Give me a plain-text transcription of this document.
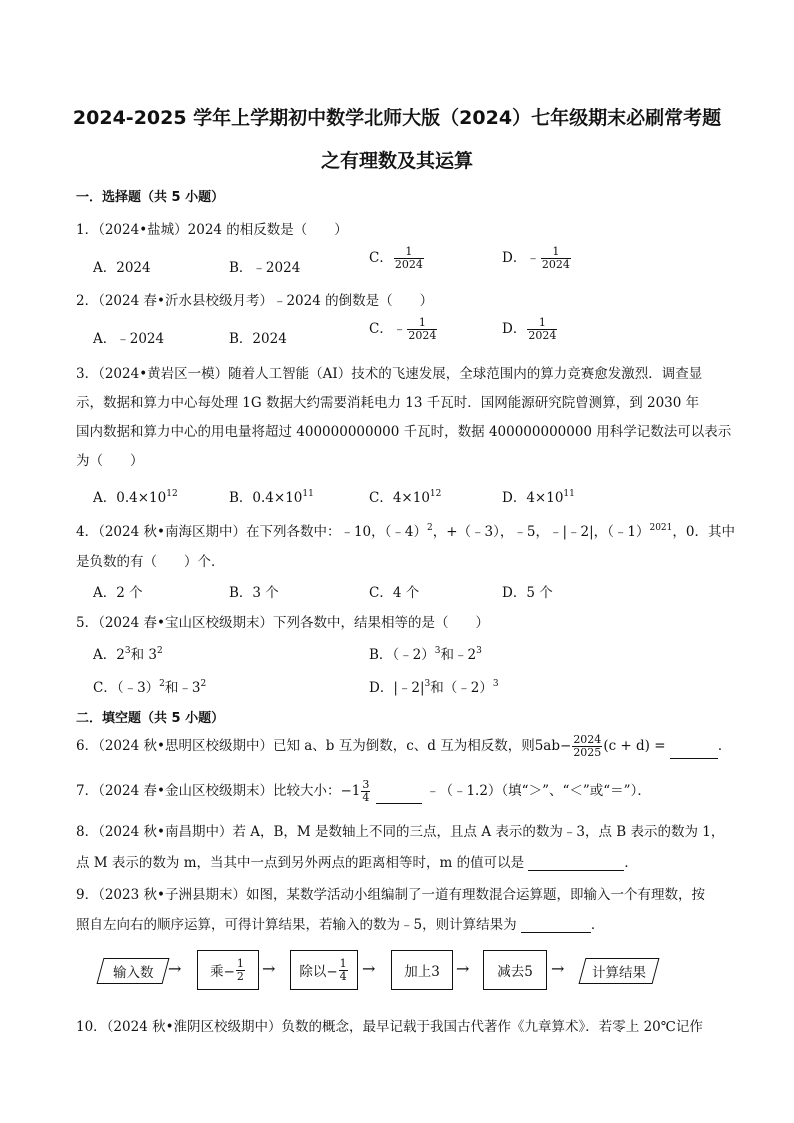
2024-2025 学年上学期初中数学北师大版（2024）七年级期末必刷常考题
之有理数及其运算
一．选择题（共 5 小题）
1．（2024•盐城）2024 的相反数是（　　）
A．2024	B．﹣2024
C． $\frac{1}{2024}$	D．﹣ $\frac{1}{2024}$
2．（2024 春•沂水县校级月考）﹣2024 的倒数是（　　）
A．﹣2024	B．2024
C．﹣ $\frac{1}{2024}$	D． $\frac{1}{2024}$
3．（2024•黄岩区一模）随着人工智能（AI）技术的飞速发展，全球范围内的算力竞赛愈发激烈．调查显
示，数据和算力中心每处理 1G 数据大约需要消耗电力 13 千瓦时．国网能源研究院曾测算，到 2030 年
国内数据和算力中心的用电量将超过 400000000000 千瓦时，数据 400000000000 用科学记数法可以表示
为（　　）
A．$0.4\times 10^{12}$	B．$0.4\times 10^{11}$	C．$4\times 10^{12}$	D．$4\times 10^{11}$
4．（2024 秋•南海区期中）在下列各数中：﹣10，（﹣4）$^2$，+（﹣3），﹣5，﹣|﹣2|，（﹣1）$^{2021}$，0．其中
是负数的有（　　）个．
A．2 个	B．3 个	C．4 个	D．5 个
5．（2024 春•宝山区校级期末）下列各数中，结果相等的是（　　）
A．$2^3$和 $3^2$	B．（﹣2）$^3$和$﹣2^3$
C．（﹣3）$^2$和$﹣3^2$	D．$|﹣2|^3$和（﹣2）$^3$
二．填空题（共 5 小题）
6．（2024 秋•思明区校级期中）已知 a、b 互为倒数，c、d 互为相反数，则$5ab- \frac{2024}{2025} (c + d)$ =	．
7．（2024 春•金山区校级期末）比较大小：$-1 \frac{3}{4}$	﹣（﹣1.2）（填“＞”、“＜”或“＝”）．
8．（2024 秋•南昌期中）若 A，B，M 是数轴上不同的三点，且点 A 表示的数为﹣3，点 B 表示的数为 1，
点 M 表示的数为 m，当其中一点到另外两点的距离相等时，m 的值可以是	．
9．（2023 秋•子洲县期末）如图，某数学活动小组编制了一道有理数混合运算题，即输入一个有理数，按
照自左向右的顺序运算，可得计算结果，若输入的数为﹣5，则计算结果为	．
输入数 → 乘− $\frac{1}{2}$ → 除以− $\frac{1}{4}$ →	加上3	→	减去5	→ 计算结果
10．（2024 秋•淮阴区校级期中）负数的概念，最早记载于我国古代著作《九章算术》．若零上 20℃记作
